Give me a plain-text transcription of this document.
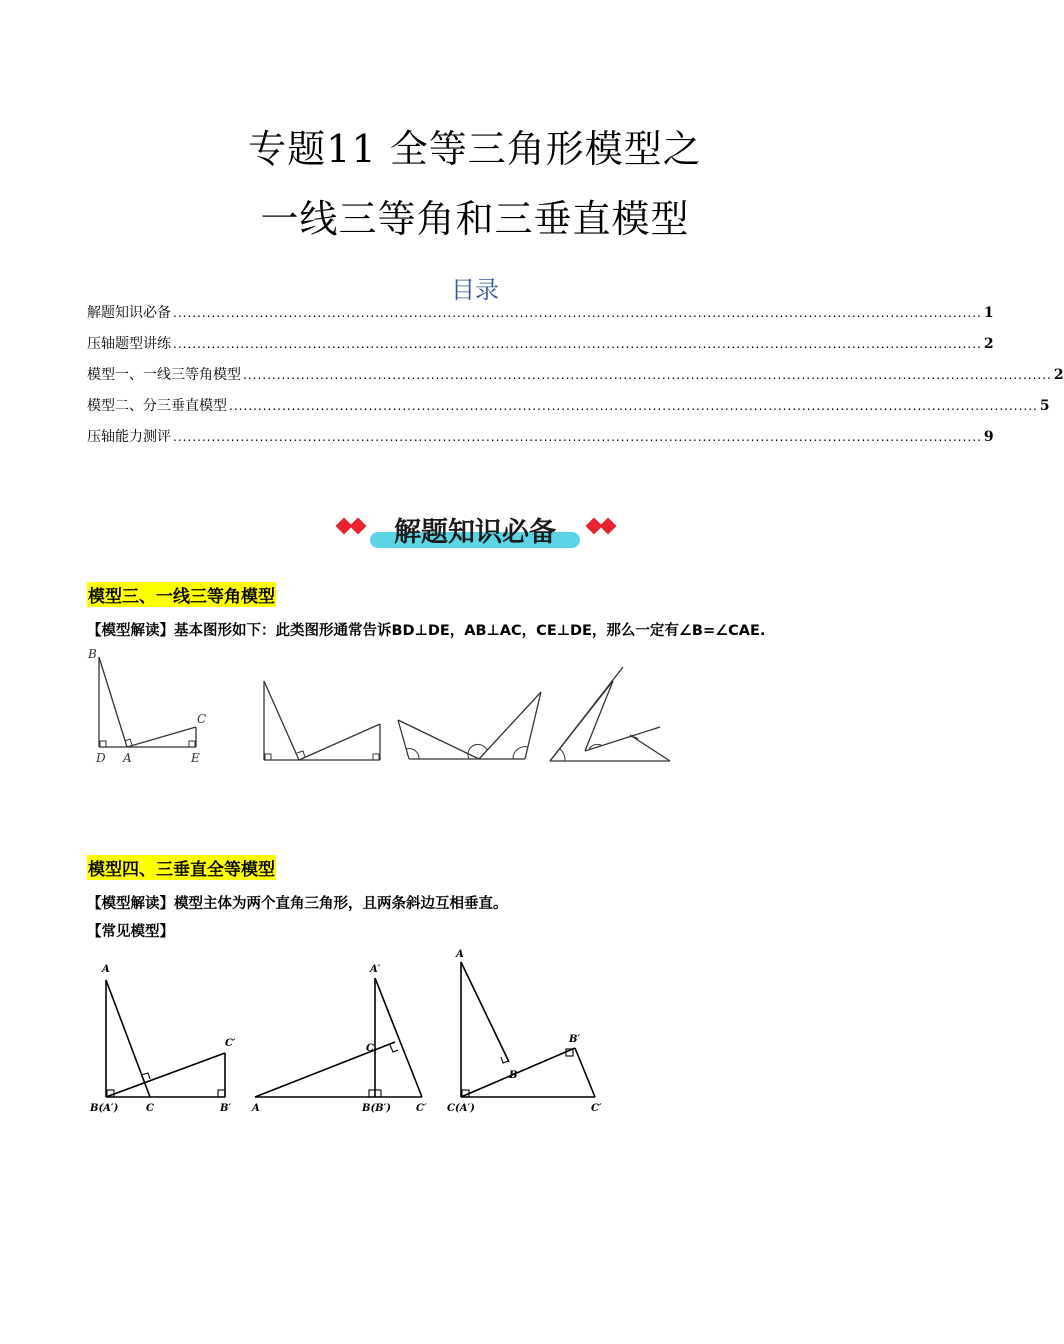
专题11 全等三角形模型之
一线三等角和三垂直模型
目录
解题知识必备 ........................................................................................................................................................................ 1
压轴题型讲练 ........................................................................................................................................................................ 2
模型一、一线三等角模型 ........................................................................................................................................................................ 2
模型二、分三垂直模型 ........................................................................................................................................................................ 5
压轴能力测评 ........................................................................................................................................................................ 9
解题知识必备
模型三、一线三等角模型
【模型解读】基本图形如下：此类图形通常告诉BD⊥DE，AB⊥AC，CE⊥DE，那么一定有∠B=∠CAE.
B
C
D A	E
模型四、三垂直全等模型
【模型解读】模型主体为两个直角三角形，且两条斜边互相垂直。
【常见模型】
A
C′
B(A′)	C	B′
A′
C
A	B(B′) C′
A
B′
B
C(A′)	C′
